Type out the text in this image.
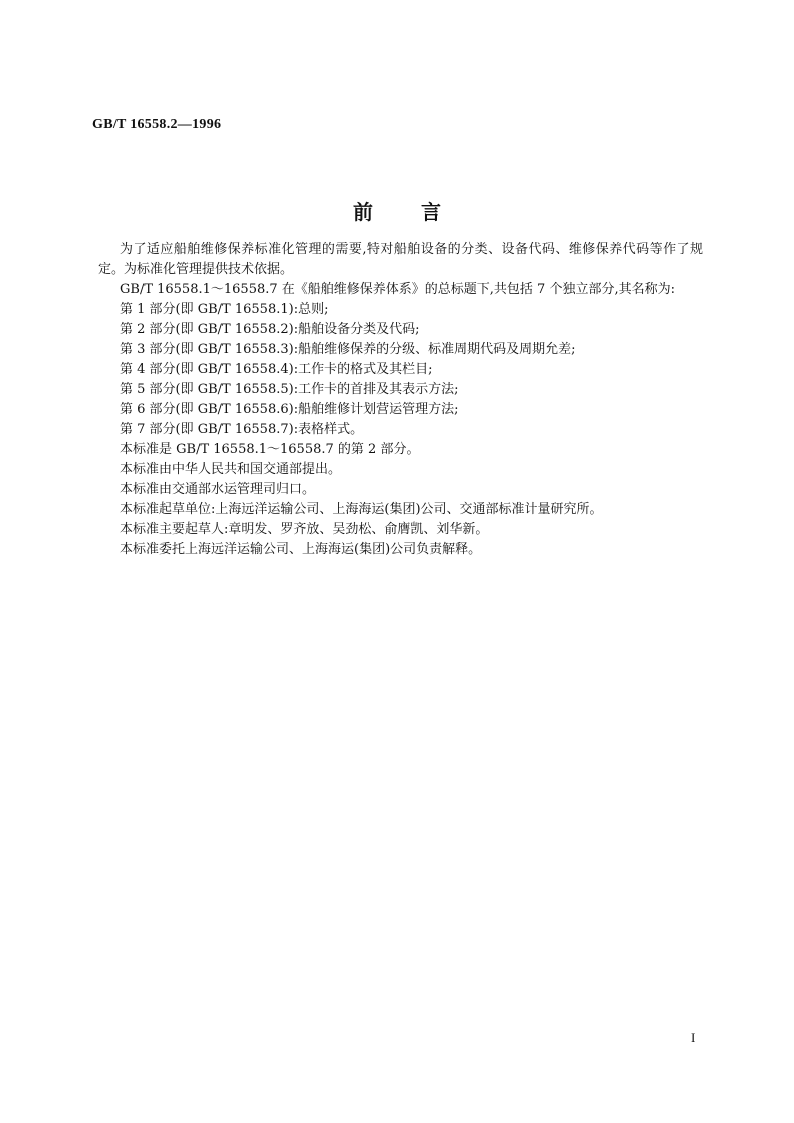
GB/T 16558.2—1996
前言

为了适应船舶维修保养标准化管理的需要,特对船舶设备的分类、设备代码、维修保养代码等作了规定。为标准化管理提供技术依据。

GB/T 16558.1～16558.7 在《船舶维修保养体系》的总标题下,共包括 7 个独立部分,其名称为:

第 1 部分(即 GB/T 16558.1):总则;

第 2 部分(即 GB/T 16558.2):船舶设备分类及代码;

第 3 部分(即 GB/T 16558.3):船舶维修保养的分级、标准周期代码及周期允差;

第 4 部分(即 GB/T 16558.4):工作卡的格式及其栏目;

第 5 部分(即 GB/T 16558.5):工作卡的首排及其表示方法;

第 6 部分(即 GB/T 16558.6):船舶维修计划营运管理方法;

第 7 部分(即 GB/T 16558.7):表格样式。

本标准是 GB/T 16558.1～16558.7 的第 2 部分。

本标准由中华人民共和国交通部提出。

本标准由交通部水运管理司归口。

本标准起草单位:上海远洋运输公司、上海海运(集团)公司、交通部标准计量研究所。

本标准主要起草人:章明发、罗齐放、吴劲松、俞膺凯、刘华新。

本标准委托上海远洋运输公司、上海海运(集团)公司负责解释。

I
